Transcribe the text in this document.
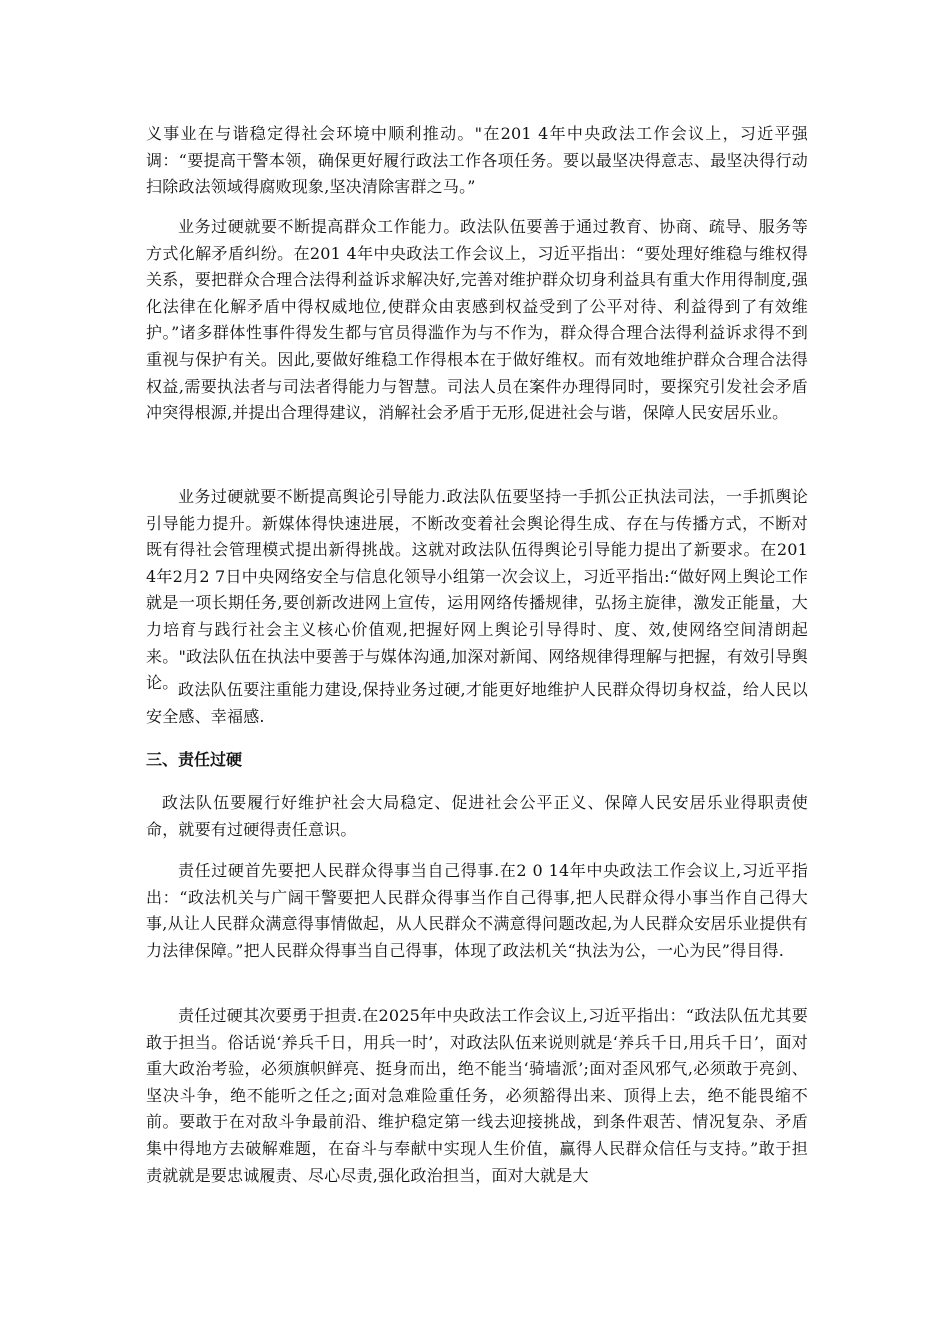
义事业在与谐稳定得社会环境中顺利推动。"在201 4年中央政法工作会议上，习近平强调：“要提高干警本领，确保更好履行政法工作各项任务。要以最坚决得意志、最坚决得行动扫除政法领域得腐败现象,坚决清除害群之马。”

业务过硬就要不断提高群众工作能力。政法队伍要善于通过教育、协商、疏导、服务等方式化解矛盾纠纷。在201 4年中央政法工作会议上，习近平指出：“要处理好维稳与维权得关系，要把群众合理合法得利益诉求解决好,完善对维护群众切身利益具有重大作用得制度,强化法律在化解矛盾中得权威地位,使群众由衷感到权益受到了公平对待、利益得到了有效维护。”诸多群体性事件得发生都与官员得滥作为与不作为，群众得合理合法得利益诉求得不到重视与保护有关。因此,要做好维稳工作得根本在于做好维权。而有效地维护群众合理合法得权益,需要执法者与司法者得能力与智慧。司法人员在案件办理得同时，要探究引发社会矛盾冲突得根源,并提出合理得建议，消解社会矛盾于无形,促进社会与谐，保障人民安居乐业。

业务过硬就要不断提高舆论引导能力.政法队伍要坚持一手抓公正执法司法，一手抓舆论引导能力提升。新媒体得快速进展，不断改变着社会舆论得生成、存在与传播方式，不断对既有得社会管理模式提出新得挑战。这就对政法队伍得舆论引导能力提出了新要求。在201 4年2月2 7日中央网络安全与信息化领导小组第一次会议上，习近平指出:“做好网上舆论工作就是一项长期任务,要创新改进网上宣传，运用网络传播规律，弘扬主旋律，激发正能量，大力培育与践行社会主义核心价值观,把握好网上舆论引导得时、度、效,使网络空间清朗起来。"政法队伍在执法中要善于与媒体沟通,加深对新闻、网络规律得理解与把握，有效引导舆论。 政法队伍要注重能力建设,保持业务过硬,才能更好地维护人民群众得切身权益，给人民以安全感、幸福感.

三、责任过硬

政法队伍要履行好维护社会大局稳定、促进社会公平正义、保障人民安居乐业得职责使命，就要有过硬得责任意识。

责任过硬首先要把人民群众得事当自己得事.在2 0 14年中央政法工作会议上,习近平指出：“政法机关与广阔干警要把人民群众得事当作自己得事,把人民群众得小事当作自己得大事,从让人民群众满意得事情做起，从人民群众不满意得问题改起,为人民群众安居乐业提供有力法律保障。”把人民群众得事当自己得事，体现了政法机关“执法为公，一心为民”得目得.

责任过硬其次要勇于担责.在2025年中央政法工作会议上,习近平指出：“政法队伍尤其要敢于担当。俗话说‘养兵千日，用兵一时’，对政法队伍来说则就是‘养兵千日,用兵千日’，面对重大政治考验，必须旗帜鲜亮、挺身而出，绝不能当‘骑墙派’;面对歪风邪气,必须敢于亮剑、坚决斗争，绝不能听之任之;面对急难险重任务，必须豁得出来、顶得上去，绝不能畏缩不前。要敢于在对敌斗争最前沿、维护稳定第一线去迎接挑战，到条件艰苦、情况复杂、矛盾集中得地方去破解难题，在奋斗与奉献中实现人生价值，赢得人民群众信任与支持。”敢于担责就就是要忠诚履责、尽心尽责,强化政治担当，面对大就是大
